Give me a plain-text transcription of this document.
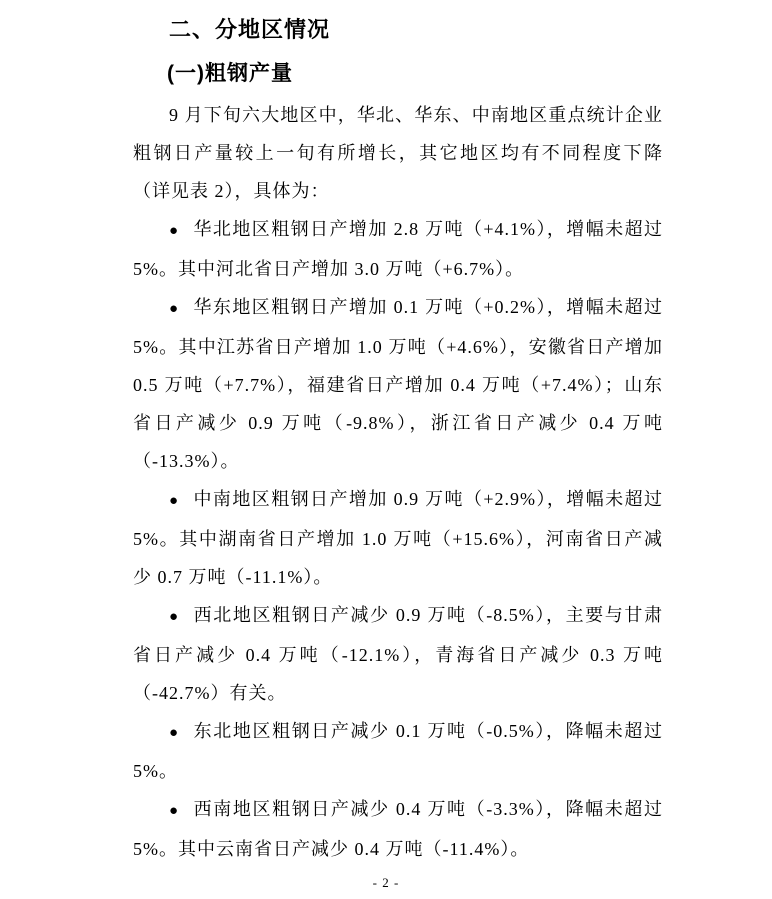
二、分地区情况
(一)粗钢产量

9 月下旬六大地区中，华北、华东、中南地区重点统计企业粗钢日产量较上一旬有所增长，其它地区均有不同程度下降（详见表 2），具体为：

● 华北地区粗钢日产增加 2.8 万吨（+4.1%），增幅未超过 5%。其中河北省日产增加 3.0 万吨（+6.7%）。

● 华东地区粗钢日产增加 0.1 万吨（+0.2%），增幅未超过 5%。其中江苏省日产增加 1.0 万吨（+4.6%），安徽省日产增加 0.5 万吨（+7.7%），福建省日产增加 0.4 万吨（+7.4%）；山东省日产减少 0.9 万吨（-9.8%），浙江省日产减少 0.4 万吨（-13.3%）。

● 中南地区粗钢日产增加 0.9 万吨（+2.9%），增幅未超过 5%。其中湖南省日产增加 1.0 万吨（+15.6%），河南省日产减少 0.7 万吨（-11.1%）。

● 西北地区粗钢日产减少 0.9 万吨（-8.5%），主要与甘肃省日产减少 0.4 万吨（-12.1%），青海省日产减少 0.3 万吨（-42.7%）有关。

● 东北地区粗钢日产减少 0.1 万吨（-0.5%），降幅未超过 5%。

● 西南地区粗钢日产减少 0.4 万吨（-3.3%），降幅未超过 5%。其中云南省日产减少 0.4 万吨（-11.4%）。

- 2 -
